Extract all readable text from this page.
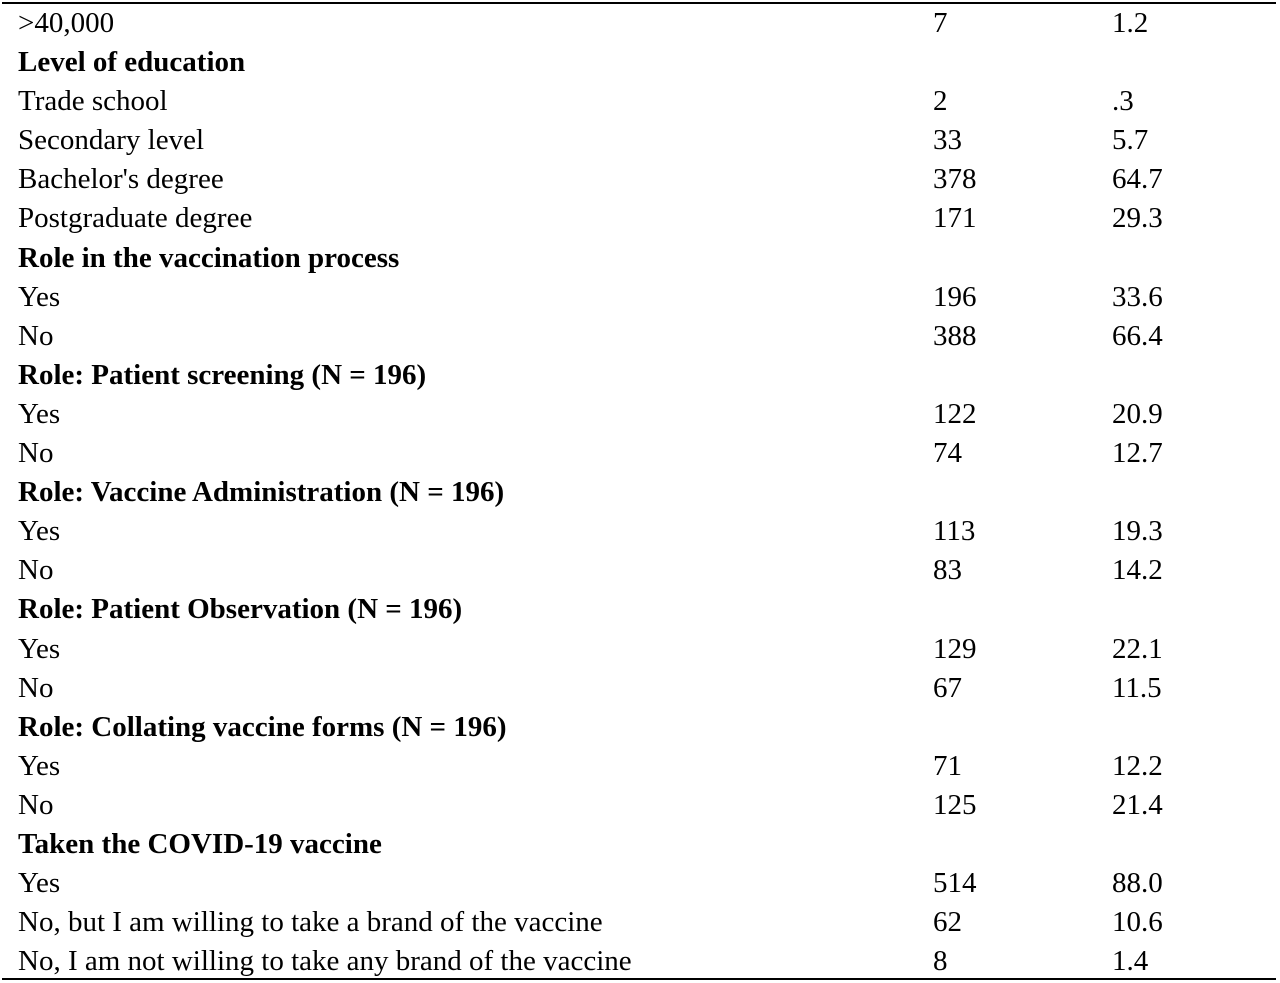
>40,000	7	1.2
Level of education
Trade school	2	.3
Secondary level	33	5.7
Bachelor's degree	378	64.7
Postgraduate degree	171	29.3
Role in the vaccination process
Yes	196	33.6
No	388	66.4
Role: Patient screening (N = 196)
Yes	122	20.9
No	74	12.7
Role: Vaccine Administration (N = 196)
Yes	113	19.3
No	83	14.2
Role: Patient Observation (N = 196)
Yes	129	22.1
No	67	11.5
Role: Collating vaccine forms (N = 196)
Yes	71	12.2
No	125	21.4
Taken the COVID-19 vaccine
Yes	514	88.0
No, but I am willing to take a brand of the vaccine	62	10.6
No, I am not willing to take any brand of the vaccine	8	1.4
